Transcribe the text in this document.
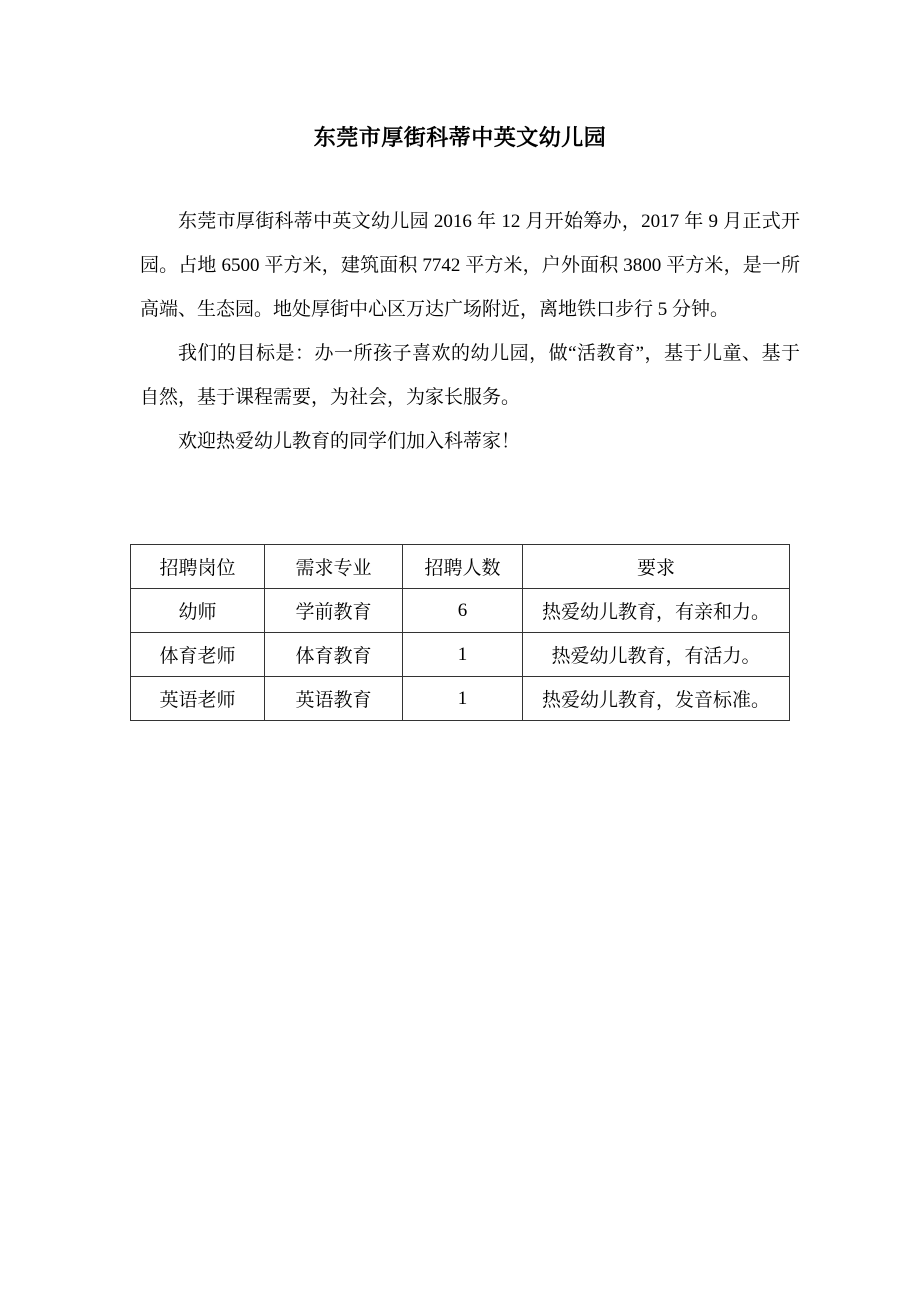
东莞市厚街科蒂中英文幼儿园

东莞市厚街科蒂中英文幼儿园 2016 年 12 月开始筹办，2017 年 9 月正式开园。占地 6500 平方米，建筑面积 7742 平方米，户外面积 3800 平方米，是一所高端、生态园。地处厚街中心区万达广场附近，离地铁口步行 5 分钟。

我们的目标是：办一所孩子喜欢的幼儿园，做“活教育”，基于儿童、基于自然，基于课程需要，为社会，为家长服务。

欢迎热爱幼儿教育的同学们加入科蒂家！

招聘岗位	需求专业	招聘人数	要求
幼师	学前教育	6	热爱幼儿教育，有亲和力。
体育老师	体育教育	1	热爱幼儿教育，有活力。
英语老师	英语教育	1	热爱幼儿教育，发音标准。
